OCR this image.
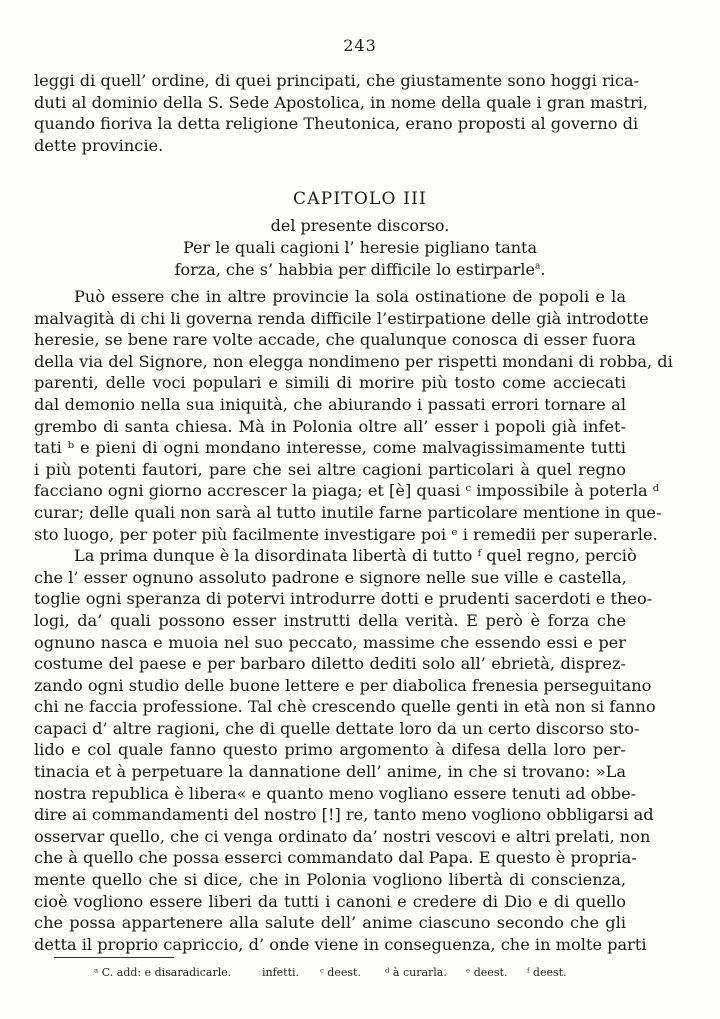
243
leggi di quell’ ordine, di quei principati, che giustamente sono hoggi rica-
duti al dominio della S. Sede Apostolica, in nome della quale i gran mastri,
quando fioriva la detta religione Theutonica, erano proposti al governo di
dette provincie.
CAPITOLO III
del presente discorso.
Per le quali cagioni l’ heresie pigliano tanta
forza, che s’ habbia per difficile lo estirparle$^a$.
Può essere che in altre provincie la sola ostinatione de popoli e la
malvagità di chi li governa renda difficile l’estirpatione delle già introdotte
heresie, se bene rare volte accade, che qualunque conosca di esser fuora
della via del Signore, non elegga nondimeno per rispetti mondani di robba, di
parenti, delle voci populari e simili di morire più tosto come acciecati
dal demonio nella sua iniquità, che abiurando i passati errori tornare al
grembo di santa chiesa. Mà in Polonia oltre all’ esser i popoli già infet-
tati ᵇ e pieni di ogni mondano interesse, come malvagissimamente tutti
i più potenti fautori, pare che sei altre cagioni particolari à quel regno
facciano ogni giorno accrescer la piaga; et [è] quasi ᶜ impossibile à poterla ᵈ
curar; delle quali non sarà al tutto inutile farne particolare mentione in que-
sto luogo, per poter più facilmente investigare poi ᵉ i remedii per superarle.
La prima dunque è la disordinata libertà di tutto ᶠ quel regno, perciò
che l’ esser ognuno assoluto padrone e signore nelle sue ville e castella,
toglie ogni speranza di potervi introdurre dotti e prudenti sacerdoti e theo-
logi, da’ quali possono esser instrutti della verità. E però è forza che
ognuno nasca e muoia nel suo peccato, massime che essendo essi e per
costume del paese e per barbaro diletto dediti solo all’ ebrietà, disprez-
zando ogni studio delle buone lettere e per diabolica frenesia perseguitano
chi ne faccia professione. Tal chè crescendo quelle genti in età non si fanno
capaci d’ altre ragioni, che di quelle dettate loro da un certo discorso sto-
lido e col quale fanno questo primo argomento à difesa della loro per-
tinacia et à perpetuare la dannatione dell’ anime, in che si trovano: »La
nostra republica è libera« e quanto meno vogliano essere tenuti ad obbe-
dire ai commandamenti del nostro [!] re, tanto meno vogliono obbligarsi ad
osservar quello, che ci venga ordinato da’ nostri vescovi e altri prelati, non
che à quello che possa esserci commandato dal Papa. E questo è propria-
mente quello che si dice, che in Polonia vogliono libertà di conscienza,
cioè vogliono essere liberi da tutti i canoni e credere di Dio e di quello
che possa appartenere alla salute dell’ anime ciascuno secondo che gli
detta il proprio capriccio, d’ onde viene in conseguenza, che in molte parti
ᵃ C. add: e disaradicarle.	infetti. ᶜ deest. ᵈ à curarla. ᵉ deest. ᶠ deest.
